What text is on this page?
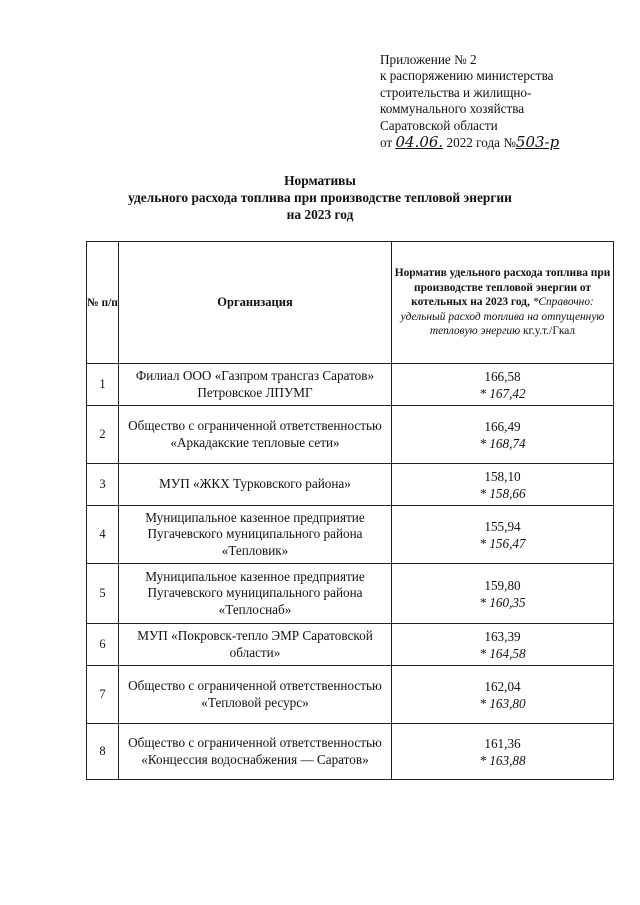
Приложение № 2
к распоряжению министерства
строительства и жилищно-
коммунального хозяйства
Саратовской области
от 04.06. 2022 года №503-р
Нормативы
удельного расхода топлива при производстве тепловой энергии
на 2023 год
№ п/п	Организация	Норматив удельного расхода топлива при производстве тепловой энергии от котельных на 2023 год, *Справочно: удельный расход топлива на отпущенную тепловую энергию кг.у.т./Гкал
1	Филиал ООО «Газпром трансгаз Саратов» Петровское ЛПУМГ	166,58
* 167,42

2	Общество с ограниченной ответственностью «Аркадакские тепловые сети»	166,49
* 168,74

3	МУП «ЖКХ Турковского района»	158,10
* 158,66

4	Муниципальное казенное предприятие Пугачевского муниципального района «Тепловик»	155,94
* 156,47

5	Муниципальное казенное предприятие Пугачевского муниципального района «Теплоснаб»	159,80
* 160,35

6	МУП «Покровск-тепло ЭМР Саратовской области»	163,39
* 164,58

7	Общество с ограниченной ответственностью «Тепловой ресурс»	162,04
* 163,80

8	Общество с ограниченной ответственностью «Концессия водоснабжения — Саратов»	161,36
* 163,88
